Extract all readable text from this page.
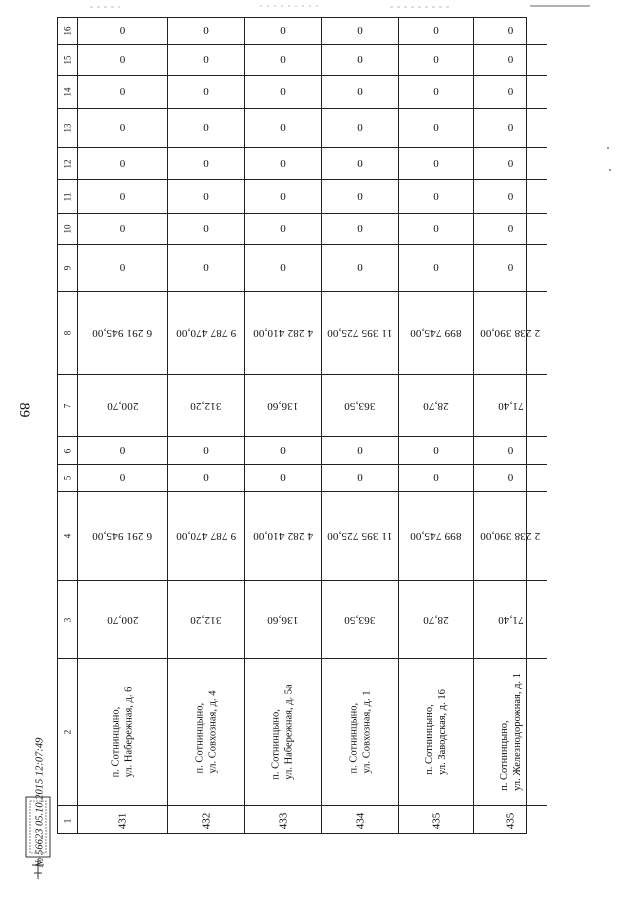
89
16
15
14
13
12
11
10
9
8
7
6
5
4
3
2
1
0
0
0
0
0
0
0
0
6 291 945,00
200,70
0
0
6 291 945,00
200,70
п. Сотнинцыно, ул. Набережная, д. 6
431
0
0
0
0
0
0
0
0
9 787 470,00
312,20
0
0
9 787 470,00
312,20
п. Сотнинцыно, ул. Совхозная, д. 4
432
0
0
0
0
0
0
0
0
4 282 410,00
136,60
0
0
4 282 410,00
136,60
п. Сотнинцыно, ул. Набережная, д. 5а
433
0
0
0
0
0
0
0
0
11 395 725,00
363,50
0
0
11 395 725,00
363,50
п. Сотнинцыно, ул. Совхозная, д. 1
434
0
0
0
0
0
0
0
0
899 745,00
28,70
0
0
899 745,00
28,70
п. Сотнинцыно, ул. Заводская, д. 16
435
0
0
0
0
0
0
0
0
2 238 390,00
71,40
0
0
2 238 390,00
71,40
п. Сотнинцыно, ул. Железнодорожная, д. 1
435
№ 56623 05.10.2015 12:07:49
